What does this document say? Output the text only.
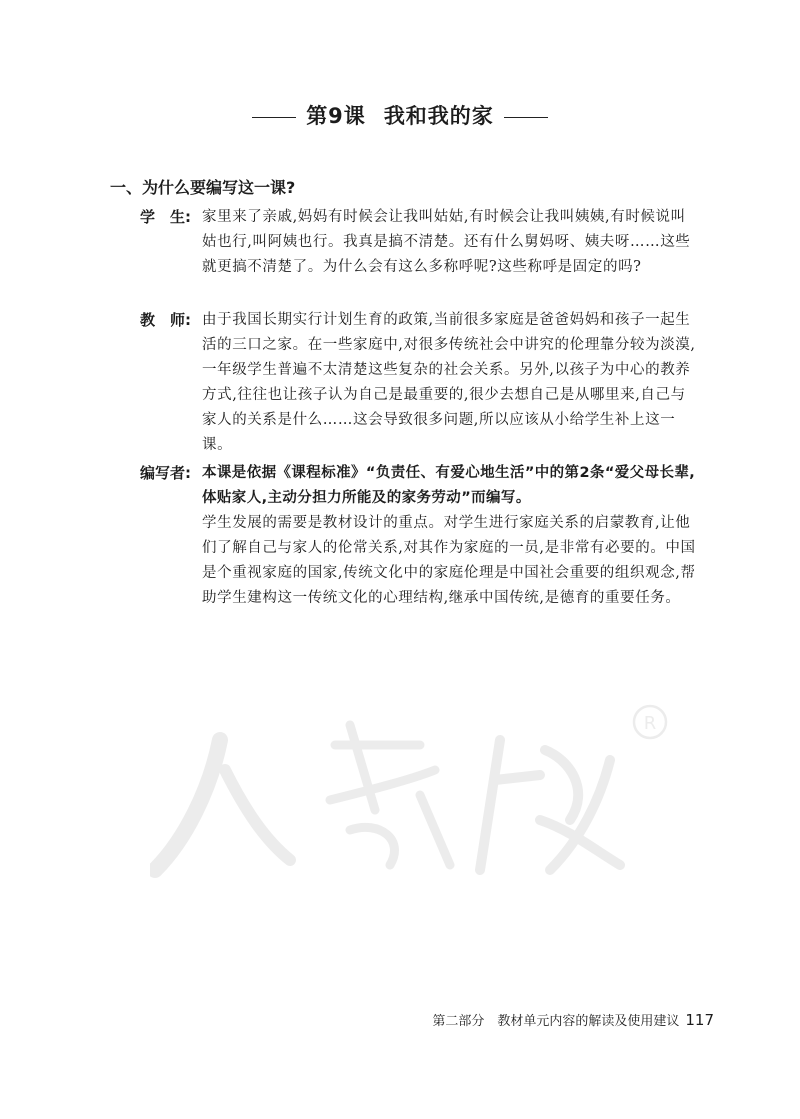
第9课 我和我的家
一、为什么要编写这一课?
学　生: 家里来了亲戚,妈妈有时候会让我叫姑姑,有时候会让我叫姨姨,有时候说叫姑也行,叫阿姨也行。我真是搞不清楚。还有什么舅妈呀、姨夫呀……这些就更搞不清楚了。为什么会有这么多称呼呢?这些称呼是固定的吗?
教　师: 由于我国长期实行计划生育的政策,当前很多家庭是爸爸妈妈和孩子一起生活的三口之家。在一些家庭中,对很多传统社会中讲究的伦理靠分较为淡漠,一年级学生普遍不太清楚这些复杂的社会关系。另外,以孩子为中心的教养方式,往往也让孩子认为自己是最重要的,很少去想自己是从哪里来,自己与家人的关系是什么……这会导致很多问题,所以应该从小给学生补上这一课。
编写者: 本课是依据《课程标准》“负责任、有爱心地生活”中的第2条“爱父母长辈,体贴家人,主动分担力所能及的家务劳动”而编写。
学生发展的需要是教材设计的重点。对学生进行家庭关系的启蒙教育,让他们了解自己与家人的伦常关系,对其作为家庭的一员,是非常有必要的。中国是个重视家庭的国家,传统文化中的家庭伦理是中国社会重要的组织观念,帮助学生建构这一传统文化的心理结构,继承中国传统,是德育的重要任务。
R
第二部分　教材单元内容的解读及使用建议 117
